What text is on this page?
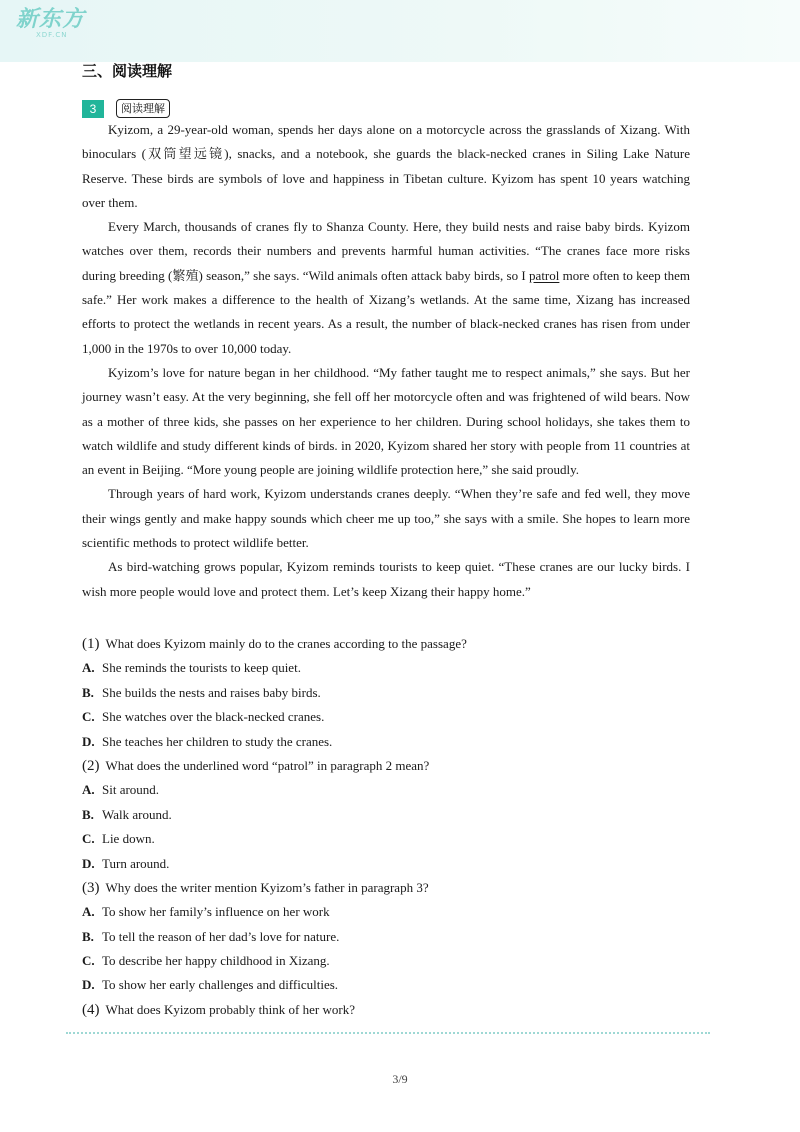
新东方
XDF.CN
三、阅读理解
3 阅读理解

Kyizom, a 29-year-old woman, spends her days alone on a motorcycle across the grasslands of Xizang. With binoculars (双筒望远镜), snacks, and a notebook, she guards the black-necked cranes in Siling Lake Nature Reserve. These birds are symbols of love and happiness in Tibetan culture. Kyizom has spent 10 years watching over them.

Every March, thousands of cranes fly to Shanza County. Here, they build nests and raise baby birds. Kyizom watches over them, records their numbers and prevents harmful human activities. “The cranes face more risks during breeding (繁殖) season,” she says. “Wild animals often attack baby birds, so I patrol more often to keep them safe.” Her work makes a difference to the health of Xizang’s wetlands. At the same time, Xizang has increased efforts to protect the wetlands in recent years. As a result, the number of black-necked cranes has risen from under 1,000 in the 1970s to over 10,000 today.

Kyizom’s love for nature began in her childhood. “My father taught me to respect animals,” she says. But her journey wasn’t easy. At the very beginning, she fell off her motorcycle often and was frightened of wild bears. Now as a mother of three kids, she passes on her experience to her children. During school holidays, she takes them to watch wildlife and study different kinds of birds. in 2020, Kyizom shared her story with people from 11 countries at an event in Beijing. “More young people are joining wildlife protection here,” she said proudly.

Through years of hard work, Kyizom understands cranes deeply. “When they’re safe and fed well, they move their wings gently and make happy sounds which cheer me up too,” she says with a smile. She hopes to learn more scientific methods to protect wildlife better.

As bird-watching grows popular, Kyizom reminds tourists to keep quiet. “These cranes are our lucky birds. I wish more people would love and protect them. Let’s keep Xizang their happy home.”

(1) What does Kyizom mainly do to the cranes according to the passage?
A. She reminds the tourists to keep quiet.
B. She builds the nests and raises baby birds.
C. She watches over the black-necked cranes.
D. She teaches her children to study the cranes.
(2) What does the underlined word “patrol” in paragraph 2 mean?
A. Sit around.
B. Walk around.
C. Lie down.
D. Turn around.
(3) Why does the writer mention Kyizom’s father in paragraph 3?
A. To show her family’s influence on her work
B. To tell the reason of her dad’s love for nature.
C. To describe her happy childhood in Xizang.
D. To show her early challenges and difficulties.
(4) What does Kyizom probably think of her work?
3/9
